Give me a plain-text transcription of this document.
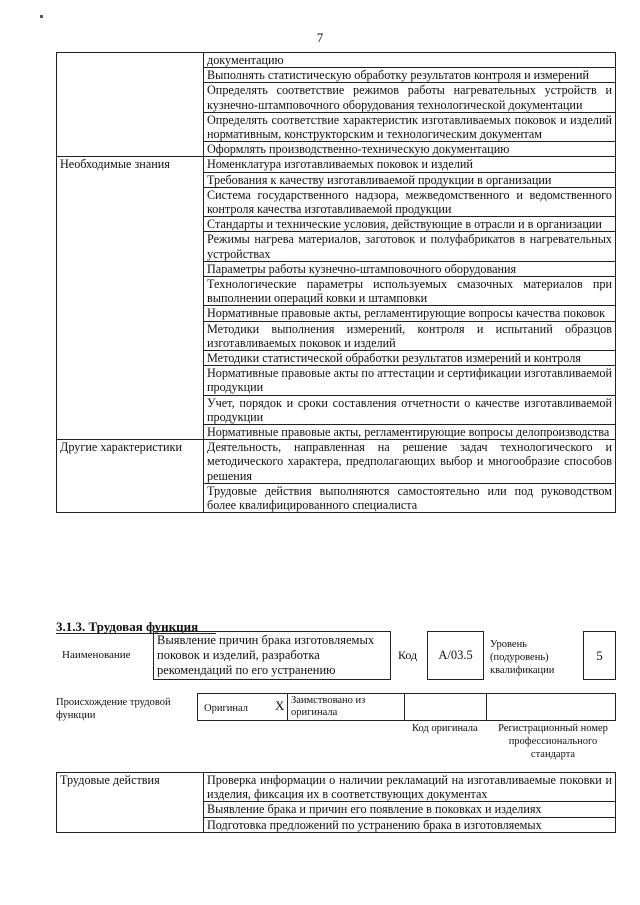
7
	документацию
	Выполнять статистическую обработку результатов контроля и измерений
	Определять соответствие режимов работы нагревательных устройств и кузнечно-штамповочного оборудования технологической документации
	Определять соответствие характеристик изготавливаемых поковок и изделий нормативным, конструкторским и технологическим документам
	Оформлять производственно-техническую документацию
Необходимые знания	Номенклатура изготавливаемых поковок и изделий
	Требования к качеству изготавливаемой продукции в организации
	Система государственного надзора, межведомственного и ведомственного контроля качества изготавливаемой продукции
	Стандарты и технические условия, действующие в отрасли и в организации
	Режимы нагрева материалов, заготовок и полуфабрикатов в нагревательных устройствах
	Параметры работы кузнечно-штамповочного оборудования
	Технологические параметры используемых смазочных материалов при выполнении операций ковки и штамповки
	Нормативные правовые акты, регламентирующие вопросы качества поковок
	Методики выполнения измерений, контроля и испытаний образцов изготавливаемых поковок и изделий
	Методики статистической обработки результатов измерений и контроля
	Нормативные правовые акты по аттестации и сертификации изготавливаемой продукции
	Учет, порядок и сроки составления отчетности о качестве изготавливаемой продукции
	Нормативные правовые акты, регламентирующие вопросы делопроизводства
Другие характеристики	Деятельность, направленная на решение задач технологического и методического характера, предполагающих выбор и многообразие способов решения
	Трудовые действия выполняются самостоятельно или под руководством более квалифицированного специалиста
3.1.3. Трудовая функция
Наименование
Выявление причин брака изготовляемых поковок и изделий, разработка рекомендаций по его устранению
Код	A/03.5
Уровень (подуровень) квалификации
5
Происхождение трудовой функции
Оригинал X Заимствовано из оригинала
Код оригинала	Регистрационный номер профессионального стандарта
Трудовые действия	Проверка информации о наличии рекламаций на изготавливаемые поковки и изделия, фиксация их в соответствующих документах
Выявление брака и причин его появление в поковках и изделиях
Подготовка предложений по устранению брака в изготовляемых
